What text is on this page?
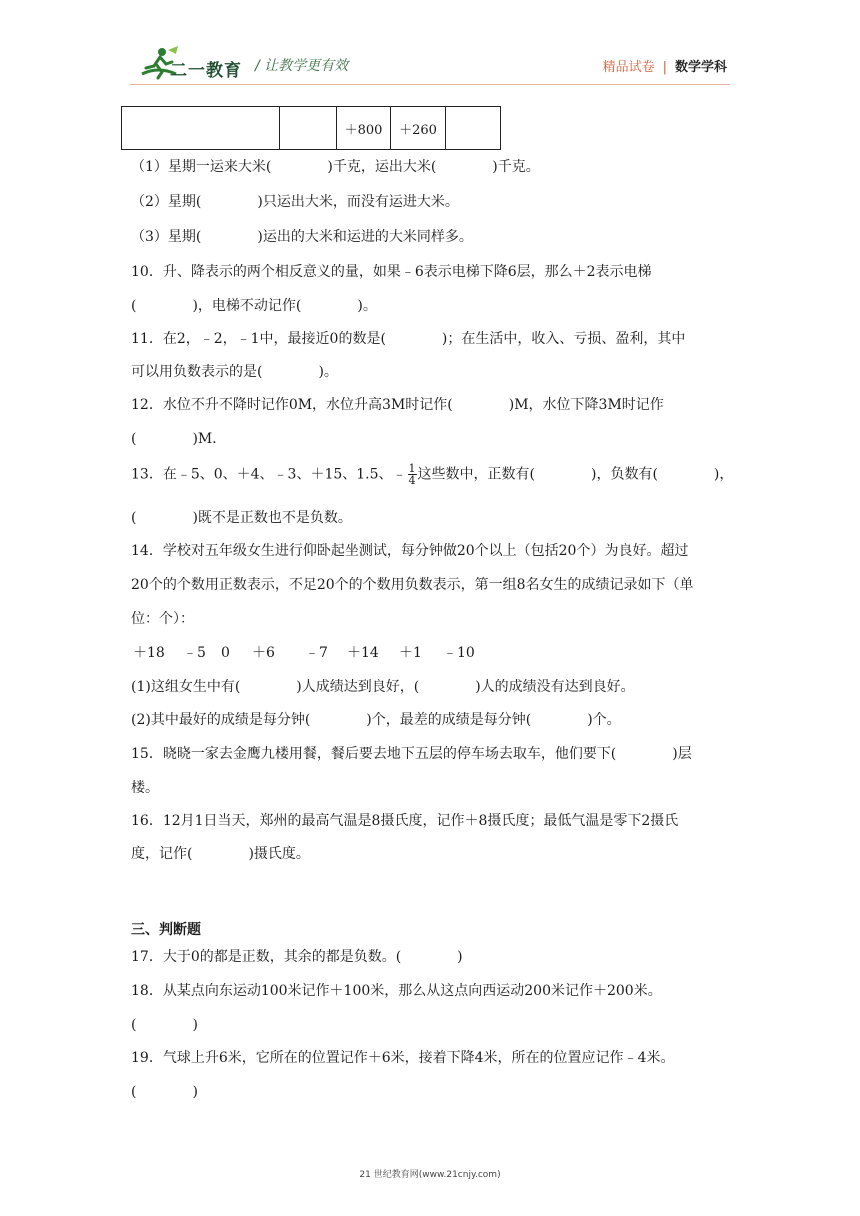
二一教育 / 让教学更有效	精品试卷 | 数学学科
		＋800	＋260	
（1）星期一运来大米(　　　　)千克，运出大米(　　　　)千克。
（2）星期(　　　　)只运出大米，而没有运进大米。
（3）星期(　　　　)运出的大米和运进的大米同样多。
10．升、降表示的两个相反意义的量，如果﹣6表示电梯下降6层，那么＋2表示电梯
(　　　　)，电梯不动记作(　　　　)。
11．在2，﹣2，﹣1中，最接近0的数是(　　　　)；在生活中，收入、亏损、盈利，其中
可以用负数表示的是(　　　　)。
12．水位不升不降时记作0M，水位升高3M时记作(　　　　)M，水位下降3M时记作
(　　　　)M．
13．在﹣5、0、＋4、﹣3、＋15、1.5、﹣ $\frac{1}{4}$ 这些数中，正数有(　　　　)，负数有(　　　　)，
(　　　　)既不是正数也不是负数。
14．学校对五年级女生进行仰卧起坐测试，每分钟做20个以上（包括20个）为良好。超过
20个的个数用正数表示，不足20个的个数用负数表示，第一组8名女生的成绩记录如下（单
位：个）：
＋18 ﹣5 0 ＋6 ﹣7 ＋14 ＋1 ﹣10
(1)这组女生中有(　　　　)人成绩达到良好，(　　　　)人的成绩没有达到良好。
(2)其中最好的成绩是每分钟(　　　　)个，最差的成绩是每分钟(　　　　)个。
15．晓晓一家去金鹰九楼用餐，餐后要去地下五层的停车场去取车，他们要下(　　　　)层
楼。
16．12月1日当天，郑州的最高气温是8摄氏度，记作＋8摄氏度；最低气温是零下2摄氏
度，记作(　　　　)摄氏度。
三、判断题
17．大于0的都是正数，其余的都是负数。(　　　　)
18．从某点向东运动100米记作＋100米，那么从这点向西运动200米记作＋200米。
(　　　　)
19．气球上升6米，它所在的位置记作＋6米，接着下降4米，所在的位置应记作﹣4米。
(　　　　)
21 世纪教育网(www.21cnjy.com)
